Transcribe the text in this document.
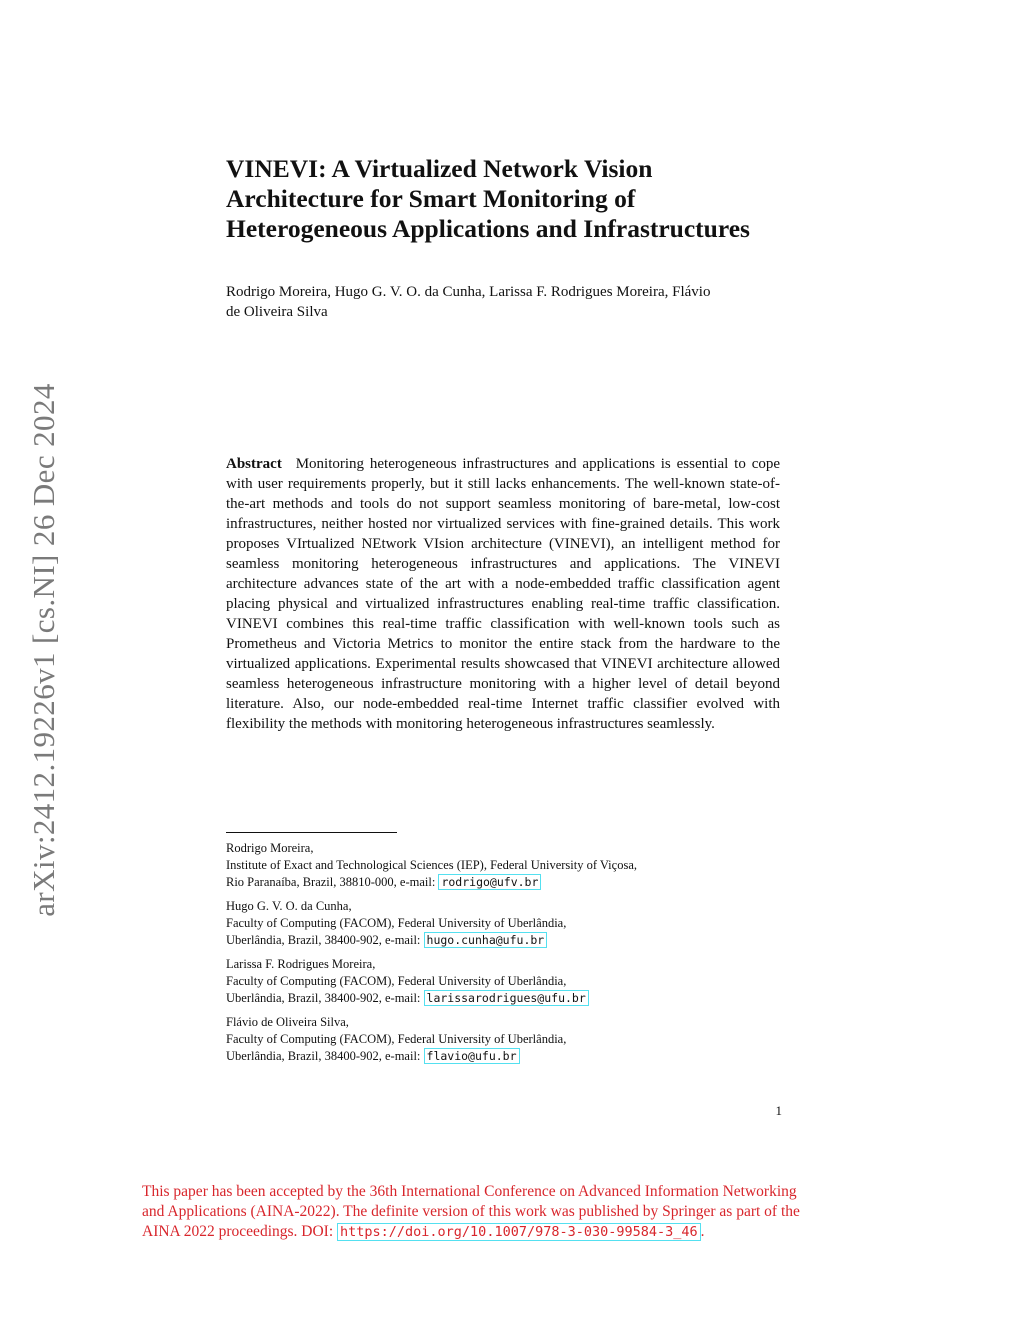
arXiv:2412.19226v1 [cs.NI] 26 Dec 2024
VINEVI: A Virtualized Network Vision
Architecture for Smart Monitoring of
Heterogeneous Applications and Infrastructures
Rodrigo Moreira, Hugo G. V. O. da Cunha, Larissa F. Rodrigues Moreira, Flávio
de Oliveira Silva
Abstract Monitoring heterogeneous infrastructures and applications is essential to cope with user requirements properly, but it still lacks enhancements. The well-known state-of-the-art methods and tools do not support seamless monitoring of bare-metal, low-cost infrastructures, neither hosted nor virtualized services with fine-grained details. This work proposes VIrtualized NEtwork VIsion architecture (VINEVI), an intelligent method for seamless monitoring heterogeneous infrastructures and applications. The VINEVI architecture advances state of the art with a node-embedded traffic classification agent placing physical and virtualized infrastructures enabling real-time traffic classification. VINEVI combines this real-time traffic classification with well-known tools such as Prometheus and Victoria Metrics to monitor the entire stack from the hardware to the virtualized applications. Experimental results showcased that VINEVI architecture allowed seamless heterogeneous infrastructure monitoring with a higher level of detail beyond literature. Also, our node-embedded real-time Internet traffic classifier evolved with flexibility the methods with monitoring heterogeneous infrastructures seamlessly.
Rodrigo Moreira,
Institute of Exact and Technological Sciences (IEP), Federal University of Viçosa,
Rio Paranaíba, Brazil, 38810-000, e-mail: rodrigo@ufv.br
Hugo G. V. O. da Cunha,
Faculty of Computing (FACOM), Federal University of Uberlândia,
Uberlândia, Brazil, 38400-902, e-mail: hugo.cunha@ufu.br
Larissa F. Rodrigues Moreira,
Faculty of Computing (FACOM), Federal University of Uberlândia,
Uberlândia, Brazil, 38400-902, e-mail: larissarodrigues@ufu.br
Flávio de Oliveira Silva,
Faculty of Computing (FACOM), Federal University of Uberlândia,
Uberlândia, Brazil, 38400-902, e-mail: flavio@ufu.br
1
This paper has been accepted by the 36th International Conference on Advanced Information Networking
and Applications (AINA-2022). The definite version of this work was published by Springer as part of the
AINA 2022 proceedings. DOI: https://doi.org/10.1007/978-3-030-99584-3_46 .
